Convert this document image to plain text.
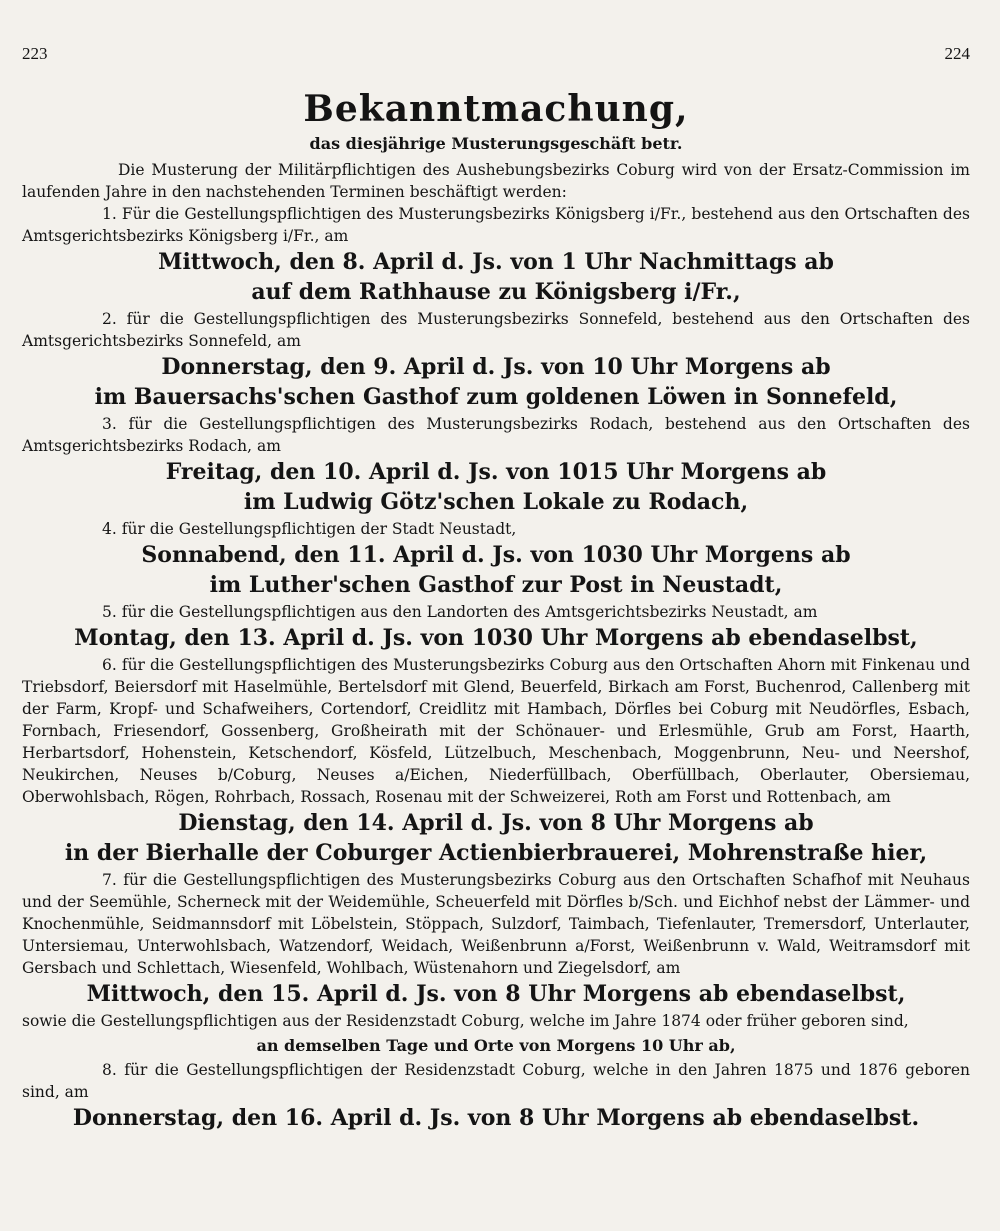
223	224
Bekanntmachung,
das diesjährige Musterungsgeschäft betr.

Die Musterung der Militärpflichtigen des Aushebungsbezirks Coburg wird von der Ersatz-Commission im laufenden Jahre in den nachstehenden Terminen beschäftigt werden:

1. Für die Gestellungspflichtigen des Musterungsbezirks Königsberg i/Fr., bestehend aus den Ortschaften des Amtsgerichtsbezirks Königsberg i/Fr., am

Mittwoch, den 8. April d. Js. von 1 Uhr Nachmittags ab
auf dem Rathhause zu Königsberg i/Fr.,

2. für die Gestellungspflichtigen des Musterungsbezirks Sonnefeld, bestehend aus den Ortschaften des Amtsgerichtsbezirks Sonnefeld, am

Donnerstag, den 9. April d. Js. von 10 Uhr Morgens ab
im Bauersachs'schen Gasthof zum goldenen Löwen in Sonnefeld,

3. für die Gestellungspflichtigen des Musterungsbezirks Rodach, bestehend aus den Ortschaften des Amtsgerichtsbezirks Rodach, am

Freitag, den 10. April d. Js. von 1015 Uhr Morgens ab
im Ludwig Götz'schen Lokale zu Rodach,

4. für die Gestellungspflichtigen der Stadt Neustadt,

Sonnabend, den 11. April d. Js. von 1030 Uhr Morgens ab
im Luther'schen Gasthof zur Post in Neustadt,

5. für die Gestellungspflichtigen aus den Landorten des Amtsgerichtsbezirks Neustadt, am

Montag, den 13. April d. Js. von 1030 Uhr Morgens ab ebendaselbst,

6. für die Gestellungspflichtigen des Musterungsbezirks Coburg aus den Ortschaften Ahorn mit Finkenau und Triebsdorf, Beiersdorf mit Haselmühle, Bertelsdorf mit Glend, Beuerfeld, Birkach am Forst, Buchenrod, Callenberg mit der Farm, Kropf- und Schafweihers, Cortendorf, Creidlitz mit Hambach, Dörfles bei Coburg mit Neudörfles, Esbach, Fornbach, Friesendorf, Gossenberg, Großheirath mit der Schönauer- und Erlesmühle, Grub am Forst, Haarth, Herbartsdorf, Hohenstein, Ketschendorf, Kösfeld, Lützelbuch, Meschenbach, Moggenbrunn, Neu- und Neershof, Neukirchen, Neuses b/Coburg, Neuses a/Eichen, Niederfüllbach, Oberfüllbach, Oberlauter, Obersiemau, Oberwohlsbach, Rögen, Rohrbach, Rossach, Rosenau mit der Schweizerei, Roth am Forst und Rottenbach, am

Dienstag, den 14. April d. Js. von 8 Uhr Morgens ab
in der Bierhalle der Coburger Actienbierbrauerei, Mohrenstraße hier,

7. für die Gestellungspflichtigen des Musterungsbezirks Coburg aus den Ortschaften Schafhof mit Neuhaus und der Seemühle, Scherneck mit der Weidemühle, Scheuerfeld mit Dörfles b/Sch. und Eichhof nebst der Lämmer- und Knochenmühle, Seidmannsdorf mit Löbelstein, Stöppach, Sulzdorf, Taimbach, Tiefenlauter, Tremersdorf, Unterlauter, Untersiemau, Unterwohlsbach, Watzendorf, Weidach, Weißenbrunn a/Forst, Weißenbrunn v. Wald, Weitramsdorf mit Gersbach und Schlettach, Wiesenfeld, Wohlbach, Wüstenahorn und Ziegelsdorf, am

Mittwoch, den 15. April d. Js. von 8 Uhr Morgens ab ebendaselbst,

sowie die Gestellungspflichtigen aus der Residenzstadt Coburg, welche im Jahre 1874 oder früher geboren sind,

an demselben Tage und Orte von Morgens 10 Uhr ab,

8. für die Gestellungspflichtigen der Residenzstadt Coburg, welche in den Jahren 1875 und 1876 geboren sind, am

Donnerstag, den 16. April d. Js. von 8 Uhr Morgens ab ebendaselbst.
